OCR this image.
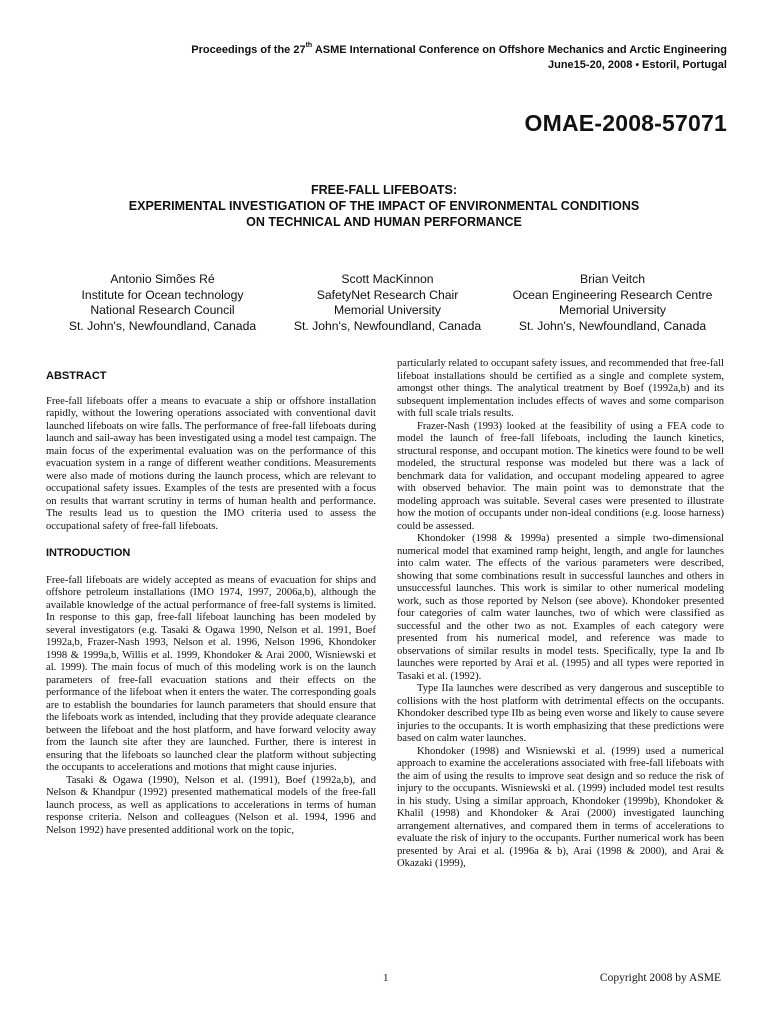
Proceedings of the 27th ASME International Conference on Offshore Mechanics and Arctic Engineering
June15-20, 2008 • Estoril, Portugal
OMAE-2008-57071
FREE-FALL LIFEBOATS:
EXPERIMENTAL INVESTIGATION OF THE IMPACT OF ENVIRONMENTAL CONDITIONS
ON TECHNICAL AND HUMAN PERFORMANCE
Antonio Simões Ré
Institute for Ocean technology
National Research Council
St. John's, Newfoundland, Canada
Scott MacKinnon
SafetyNet Research Chair
Memorial University
St. John's, Newfoundland, Canada
Brian Veitch
Ocean Engineering Research Centre
Memorial University
St. John's, Newfoundland, Canada
ABSTRACT

Free-fall lifeboats offer a means to evacuate a ship or offshore installation rapidly, without the lowering operations associated with conventional davit launched lifeboats on wire falls. The performance of free-fall lifeboats during launch and sail-away has been investigated using a model test campaign. The main focus of the experimental evaluation was on the performance of this evacuation system in a range of different weather conditions. Measurements were also made of motions during the launch process, which are relevant to occupational safety issues. Examples of the tests are presented with a focus on results that warrant scrutiny in terms of human health and performance. The results lead us to question the IMO criteria used to assess the occupational safety of free-fall lifeboats.

INTRODUCTION

Free-fall lifeboats are widely accepted as means of evacuation for ships and offshore petroleum installations (IMO 1974, 1997, 2006a,b), although the available knowledge of the actual performance of free-fall systems is limited. In response to this gap, free-fall lifeboat launching has been modeled by several investigators (e.g. Tasaki & Ogawa 1990, Nelson et al. 1991, Boef 1992a,b, Frazer-Nash 1993, Nelson et al. 1996, Nelson 1996, Khondoker 1998 & 1999a,b, Willis et al. 1999, Khondoker & Arai 2000, Wisniewski et al. 1999). The main focus of much of this modeling work is on the launch parameters of free-fall evacuation stations and their effects on the performance of the lifeboat when it enters the water. The corresponding goals are to establish the boundaries for launch parameters that should ensure that the lifeboats work as intended, including that they provide adequate clearance between the lifeboat and the host platform, and have forward velocity away from the launch site after they are launched. Further, there is interest in ensuring that the lifeboats so launched clear the platform without subjecting the occupants to accelerations and motions that might cause injuries.

Tasaki & Ogawa (1990), Nelson et al. (1991), Boef (1992a,b), and Nelson & Khandpur (1992) presented mathematical models of the free-fall launch process, as well as applications to accelerations in terms of human response criteria. Nelson and colleagues (Nelson et al. 1994, 1996 and Nelson 1992) have presented additional work on the topic,

particularly related to occupant safety issues, and recommended that free-fall lifeboat installations should be certified as a single and complete system, amongst other things. The analytical treatment by Boef (1992a,b) and its subsequent implementation includes effects of waves and some comparison with full scale trials results.

Frazer-Nash (1993) looked at the feasibility of using a FEA code to model the launch of free-fall lifeboats, including the launch kinetics, structural response, and occupant motion. The kinetics were found to be well modeled, the structural response was modeled but there was a lack of benchmark data for validation, and occupant modeling appeared to agree with observed behavior. The main point was to demonstrate that the modeling approach was suitable. Several cases were presented to illustrate how the motion of occupants under non-ideal conditions (e.g. loose harness) could be assessed.

Khondoker (1998 & 1999a) presented a simple two-dimensional numerical model that examined ramp height, length, and angle for launches into calm water. The effects of the various parameters were described, showing that some combinations result in successful launches and others in unsuccessful launches. This work is similar to other numerical modeling work, such as those reported by Nelson (see above). Khondoker presented four categories of calm water launches, two of which were classified as successful and the other two as not. Examples of each category were presented from his numerical model, and reference was made to observations of similar results in model tests. Specifically, type Ia and Ib launches were reported by Arai et al. (1995) and all types were reported in Tasaki et al. (1992).

Type IIa launches were described as very dangerous and susceptible to collisions with the host platform with detrimental effects on the occupants. Khondoker described type IIb as being even worse and likely to cause severe injuries to the occupants. It is worth emphasizing that these predictions were based on calm water launches.

Khondoker (1998) and Wisniewski et al. (1999) used a numerical approach to examine the accelerations associated with free-fall lifeboats with the aim of using the results to improve seat design and so reduce the risk of injury to the occupants. Wisniewski et al. (1999) included model test results in his study. Using a similar approach, Khondoker (1999b), Khondoker & Khalil (1998) and Khondoker & Arai (2000) investigated launching arrangement alternatives, and compared them in terms of accelerations to evaluate the risk of injury to the occupants. Further numerical work has been presented by Arai et al. (1996a & b), Arai (1998 & 2000), and Arai & Okazaki (1999),

1	Copyright 2008 by ASME
